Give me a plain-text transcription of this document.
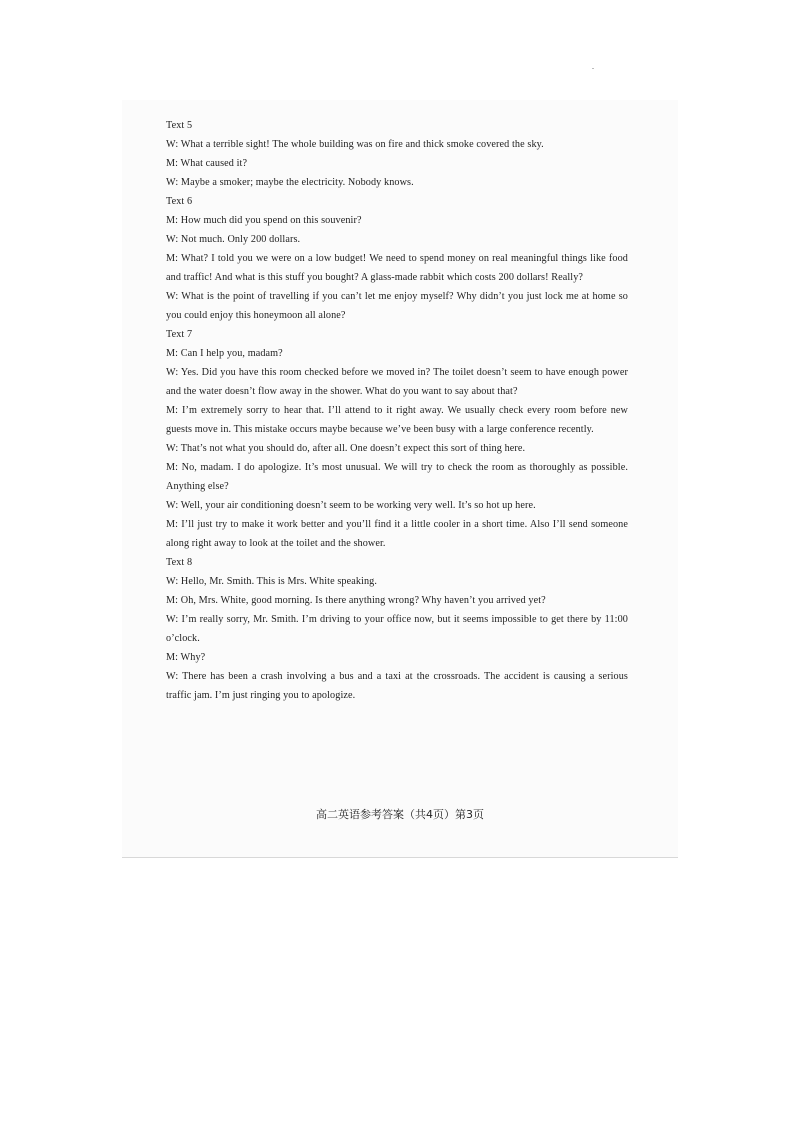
Text 5

W: What a terrible sight! The whole building was on fire and thick smoke covered the sky.

M: What caused it?

W: Maybe a smoker; maybe the electricity. Nobody knows.

Text 6

M: How much did you spend on this souvenir?

W: Not much. Only 200 dollars.

M: What? I told you we were on a low budget! We need to spend money on real meaningful things like food and traffic! And what is this stuff you bought? A glass-made rabbit which costs 200 dollars! Really?

W: What is the point of travelling if you can’t let me enjoy myself? Why didn’t you just lock me at home so you could enjoy this honeymoon all alone?

Text 7

M: Can I help you, madam?

W: Yes. Did you have this room checked before we moved in? The toilet doesn’t seem to have enough power and the water doesn’t flow away in the shower. What do you want to say about that?

M: I’m extremely sorry to hear that. I’ll attend to it right away. We usually check every room before new guests move in. This mistake occurs maybe because we’ve been busy with a large conference recently.

W: That’s not what you should do, after all. One doesn’t expect this sort of thing here.

M: No, madam. I do apologize. It’s most unusual. We will try to check the room as thoroughly as possible. Anything else?

W: Well, your air conditioning doesn’t seem to be working very well. It’s so hot up here.

M: I’ll just try to make it work better and you’ll find it a little cooler in a short time. Also I’ll send someone along right away to look at the toilet and the shower.

Text 8

W: Hello, Mr. Smith. This is Mrs. White speaking.

M: Oh, Mrs. White, good morning. Is there anything wrong? Why haven’t you arrived yet?

W: I’m really sorry, Mr. Smith. I’m driving to your office now, but it seems impossible to get there by 11:00 o’clock.

M: Why?

W: There has been a crash involving a bus and a taxi at the crossroads. The accident is causing a serious traffic jam. I’m just ringing you to apologize.

高二英语参考答案（共4页）第3页
